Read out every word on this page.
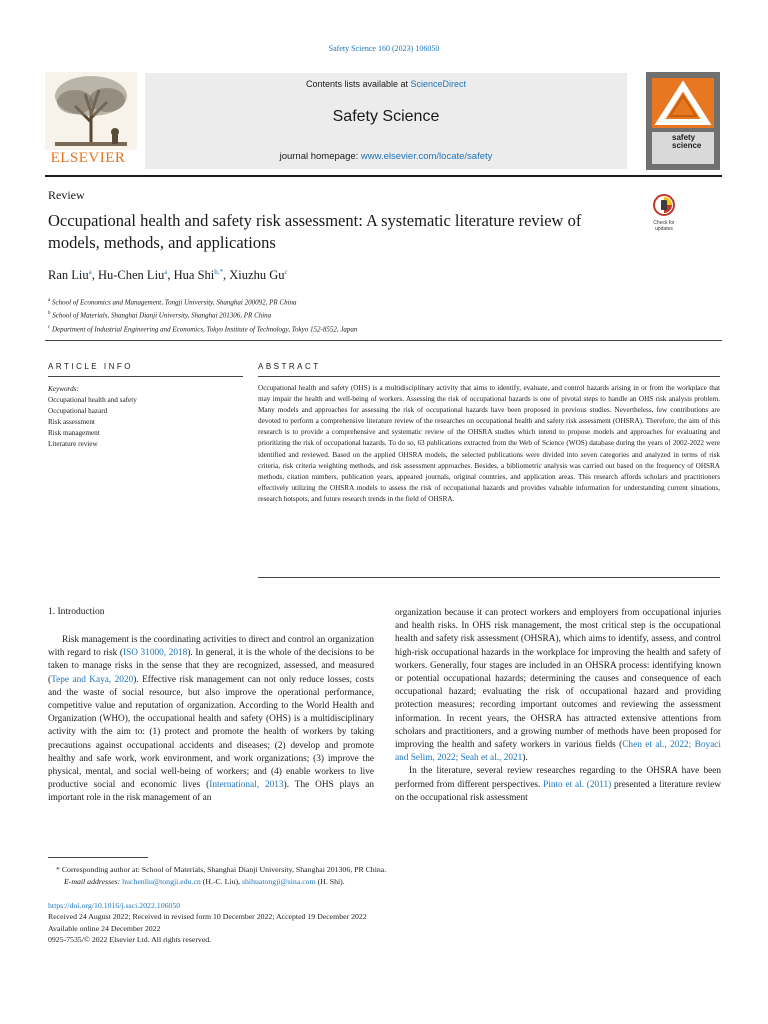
Safety Science 160 (2023) 106050
ELSEVIER
Contents lists available at ScienceDirect
Safety Science
journal homepage: www.elsevier.com/locate/safety
safety science
Review
Occupational health and safety risk assessment: A systematic literature review of models, methods, and applications
Check for updates
Ran Liu$^a$, Hu-Chen Liu$^a$, Hua Shi$^{b,*}$, Xiuzhu Gu$^c$
$^a$ School of Economics and Management, Tongji University, Shanghai 200092, PR China
$^b$ School of Materials, Shanghai Dianji University, Shanghai 201306, PR China
$^c$ Department of Industrial Engineering and Economics, Tokyo Institute of Technology, Tokyo 152-8552, Japan
ARTICLE INFO
Keywords:
Occupational health and safety
Occupational hazard
Risk assessment
Risk management
Literature review
ABSTRACT
Occupational health and safety (OHS) is a multidisciplinary activity that aims to identify, evaluate, and control hazards arising in or from the workplace that may impair the health and well-being of workers. Assessing the risk of occupational hazards is one of pivotal steps to handle an OHS risk analysis problem. Many models and approaches for assessing the risk of occupational hazards have been proposed in previous studies. Nevertheless, few contributions are devoted to perform a comprehensive literature review of the researches on occupational health and safety risk assessment (OHSRA). Therefore, the aim of this research is to provide a comprehensive and systematic review of the OHSRA studies which intend to propose models and approaches for evaluating and prioritizing the risk of occupational hazards. To do so, 63 publications extracted from the Web of Science (WOS) database during the years of 2002-2022 were identified and reviewed. Based on the applied OHSRA models, the selected publications were divided into seven categories and analyzed in terms of risk criteria, risk criteria weighting methods, and risk assessment approaches. Besides, a bibliometric analysis was carried out based on the frequency of OHSRA methods, citation numbers, publication years, appeared journals, original countries, and application areas. This research affords scholars and practitioners effectively utilizing the OHSRA models to assess the risk of occupational hazards and provides valuable information for understanding current situations, research hotspots, and future research trends in the field of OHSRA.
1. Introduction

Risk management is the coordinating activities to direct and control an organization with regard to risk (ISO 31000, 2018). In general, it is the whole of the decisions to be taken to manage risks in the sense that they are recognized, assessed, and measured (Tepe and Kaya, 2020). Effective risk management can not only reduce losses, costs and the waste of social resource, but also improve the operational performance, competitive value and reputation of organization. According to the World Health and Organization (WHO), the occupational health and safety (OHS) is a multidisciplinary activity with the aim to: (1) protect and promote the health of workers by taking precautions against occupational accidents and diseases; (2) develop and promote healthy and safe work, work environment, and work organizations; (3) improve the physical, mental, and social well-being of workers; and (4) enable workers to live productive social and economic lives (International, 2013). The OHS plays an important role in the risk management of an

organization because it can protect workers and employers from occupational injuries and health risks. In OHS risk management, the most critical step is the occupational health and safety risk assessment (OHSRA), which aims to identify, assess, and control high-risk occupational hazards in the workplace for improving the health and safety of workers. Generally, four stages are included in an OHSRA process: identifying known or potential occupational hazards; determining the causes and consequence of each occupational hazard; evaluating the risk of occupational hazard and providing protection measures; recording important outcomes and reviewing the assessment information. In recent years, the OHSRA has attracted extensive attentions from scholars and practitioners, and a growing number of methods have been proposed for improving the health and safety workers in various fields (Chen et al., 2022; Boyaci and Selim, 2022; Seah et al., 2021).

In the literature, several review researches regarding to the OHSRA have been performed from different perspectives. Pinto et al. (2011) presented a literature review on the occupational risk assessment

* Corresponding author at: School of Materials, Shanghai Dianji University, Shanghai 201306, PR China.
E-mail addresses: huchenliu@tongji.edu.cn (H.-C. Liu), shihuatongji@sina.com (H. Shi).
https://doi.org/10.1016/j.ssci.2022.106050
Received 24 August 2022; Received in revised form 10 December 2022; Accepted 19 December 2022
Available online 24 December 2022
0925-7535/© 2022 Elsevier Ltd. All rights reserved.
